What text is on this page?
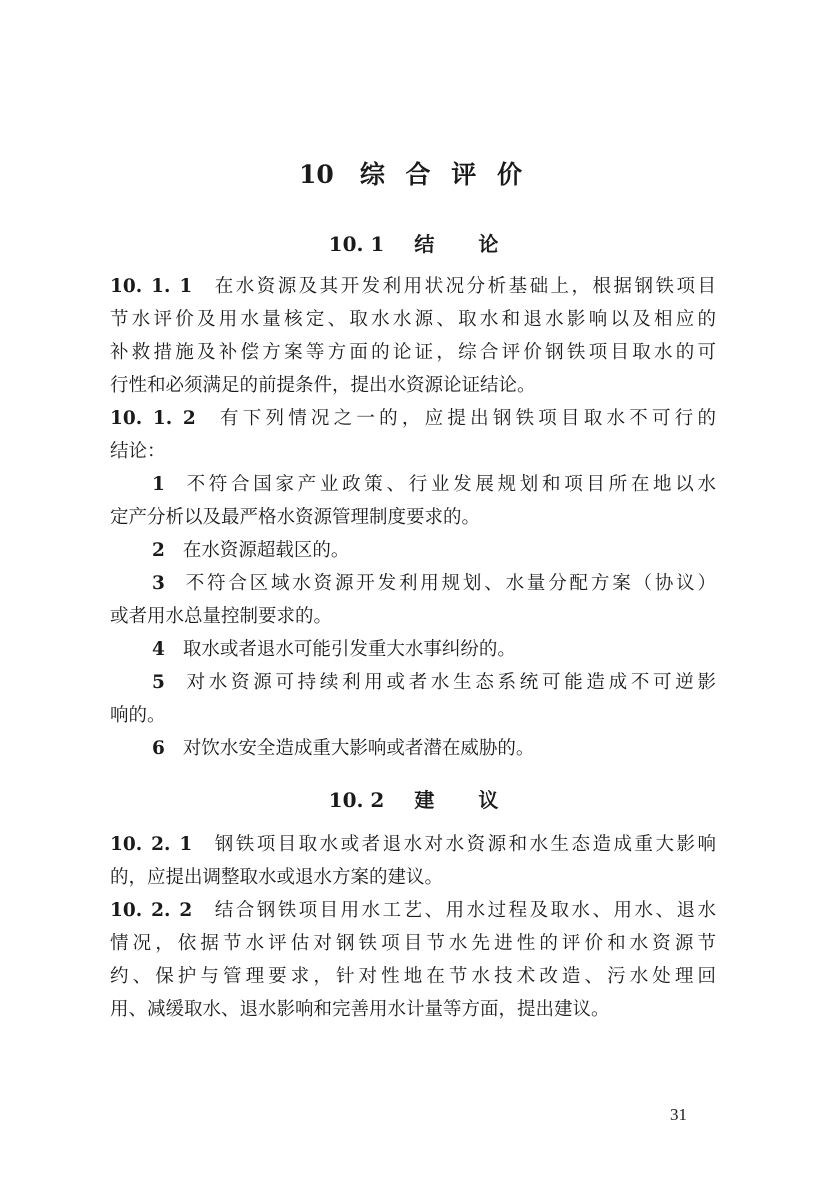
10 综 合 评 价
10. 1 结 论
10. 1. 1 在水资源及其开发利用状况分析基础上，根据钢铁项目
节水评价及用水量核定、取水水源、取水和退水影响以及相应的
补救措施及补偿方案等方面的论证，综合评价钢铁项目取水的可
行性和必须满足的前提条件，提出水资源论证结论。
10. 1. 2 有下列情况之一的，应提出钢铁项目取水不可行的
结论：
1 不符合国家产业政策、行业发展规划和项目所在地以水
定产分析以及最严格水资源管理制度要求的。
2 在水资源超载区的。
3 不符合区域水资源开发利用规划、水量分配方案（协议）
或者用水总量控制要求的。
4 取水或者退水可能引发重大水事纠纷的。
5 对水资源可持续利用或者水生态系统可能造成不可逆影
响的。
6 对饮水安全造成重大影响或者潜在威胁的。
10. 2 建 议
10. 2. 1 钢铁项目取水或者退水对水资源和水生态造成重大影响
的，应提出调整取水或退水方案的建议。
10. 2. 2 结合钢铁项目用水工艺、用水过程及取水、用水、退水
情况，依据节水评估对钢铁项目节水先进性的评价和水资源节
约、保护与管理要求，针对性地在节水技术改造、污水处理回
用、减缓取水、退水影响和完善用水计量等方面，提出建议。
31
